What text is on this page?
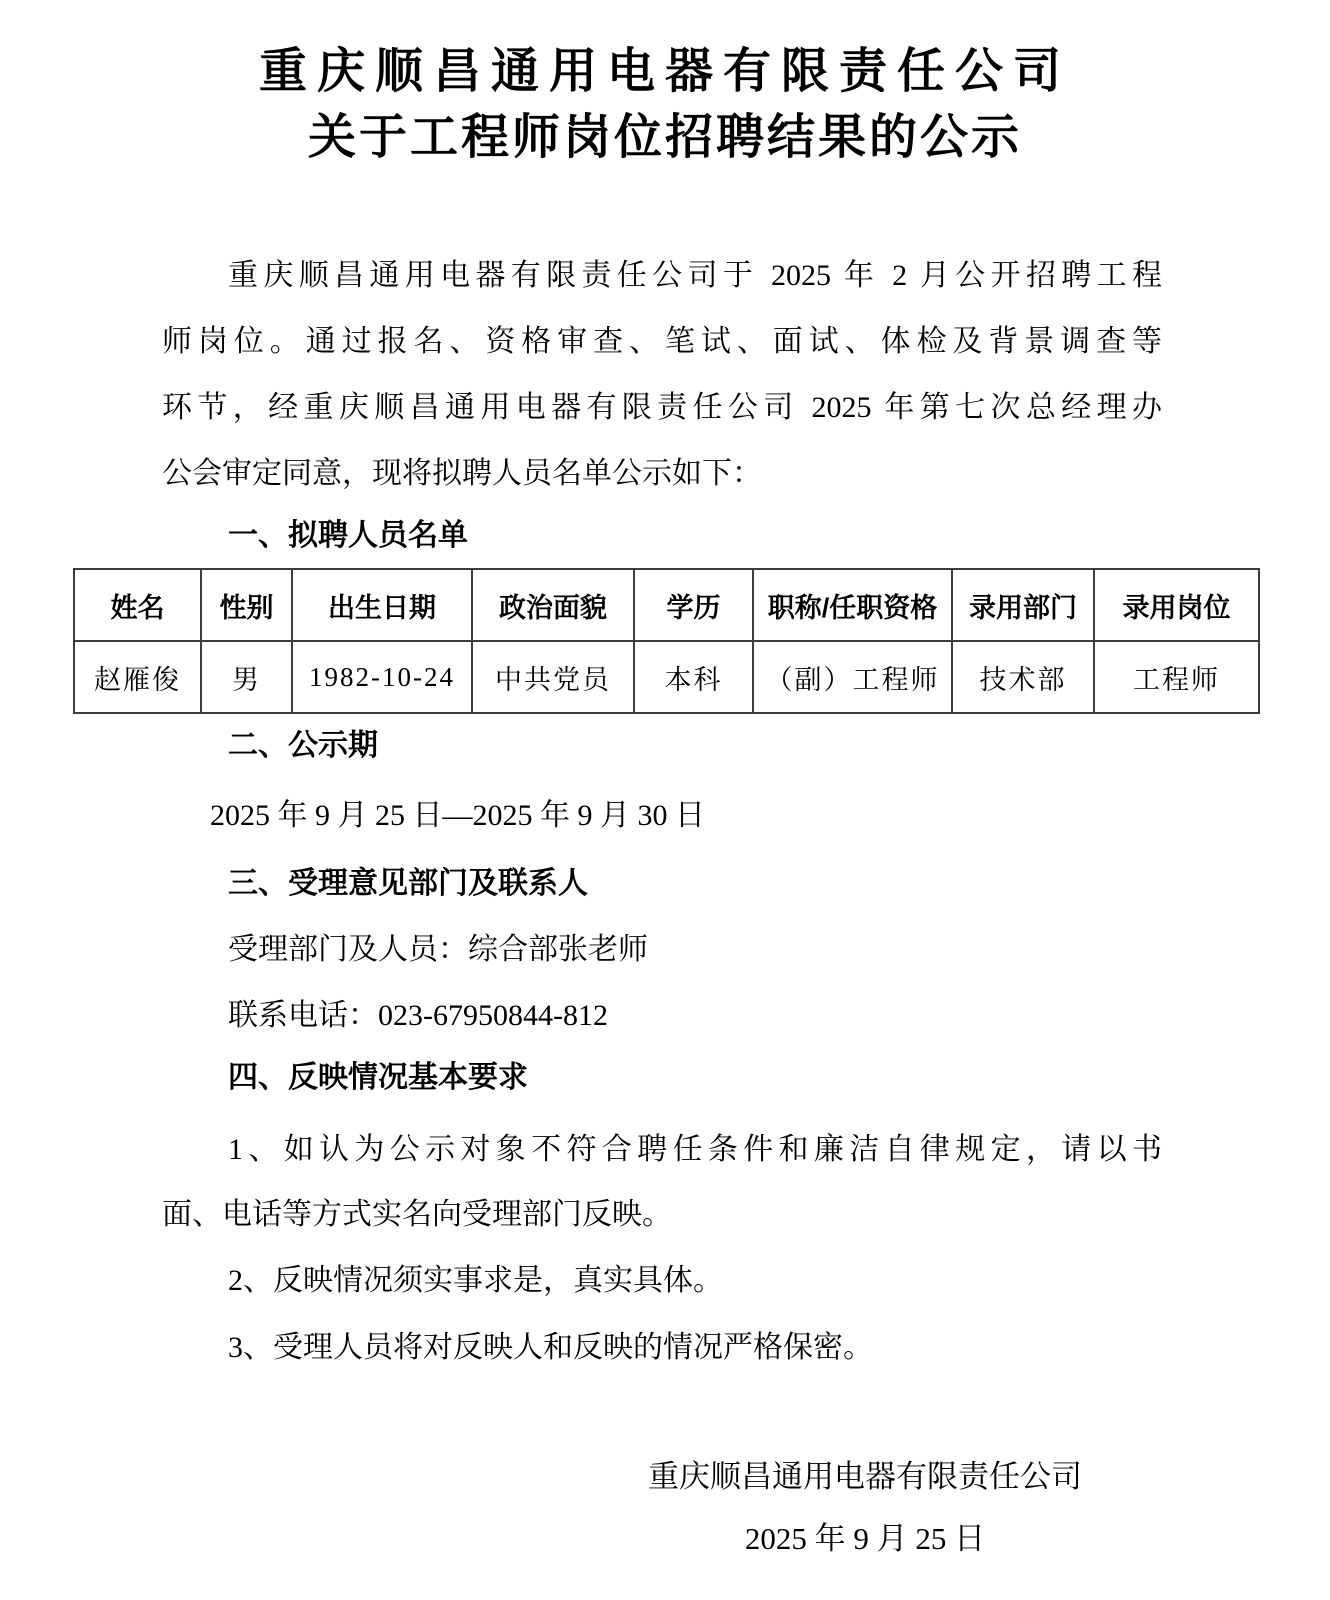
重庆顺昌通用电器有限责任公司
关于工程师岗位招聘结果的公示
重庆顺昌通用电器有限责任公司于 2025 年 2 月公开招聘工程
师岗位。通过报名、资格审查、笔试、面试、体检及背景调查等
环节，经重庆顺昌通用电器有限责任公司 2025 年第七次总经理办
公会审定同意，现将拟聘人员名单公示如下：
一、拟聘人员名单
姓名	性别	出生日期	政治面貌	学历	职称/任职资格	录用部门	录用岗位
赵雁俊	男	1982-10-24	中共党员	本科	（副）工程师	技术部	工程师
二、公示期
2025 年 9 月 25 日—2025 年 9 月 30 日
三、受理意见部门及联系人
受理部门及人员：综合部张老师
联系电话：023-67950844-812
四、反映情况基本要求
1、如认为公示对象不符合聘任条件和廉洁自律规定，请以书
面、电话等方式实名向受理部门反映。
2、反映情况须实事求是，真实具体。
3、受理人员将对反映人和反映的情况严格保密。
重庆顺昌通用电器有限责任公司
2025 年 9 月 25 日
